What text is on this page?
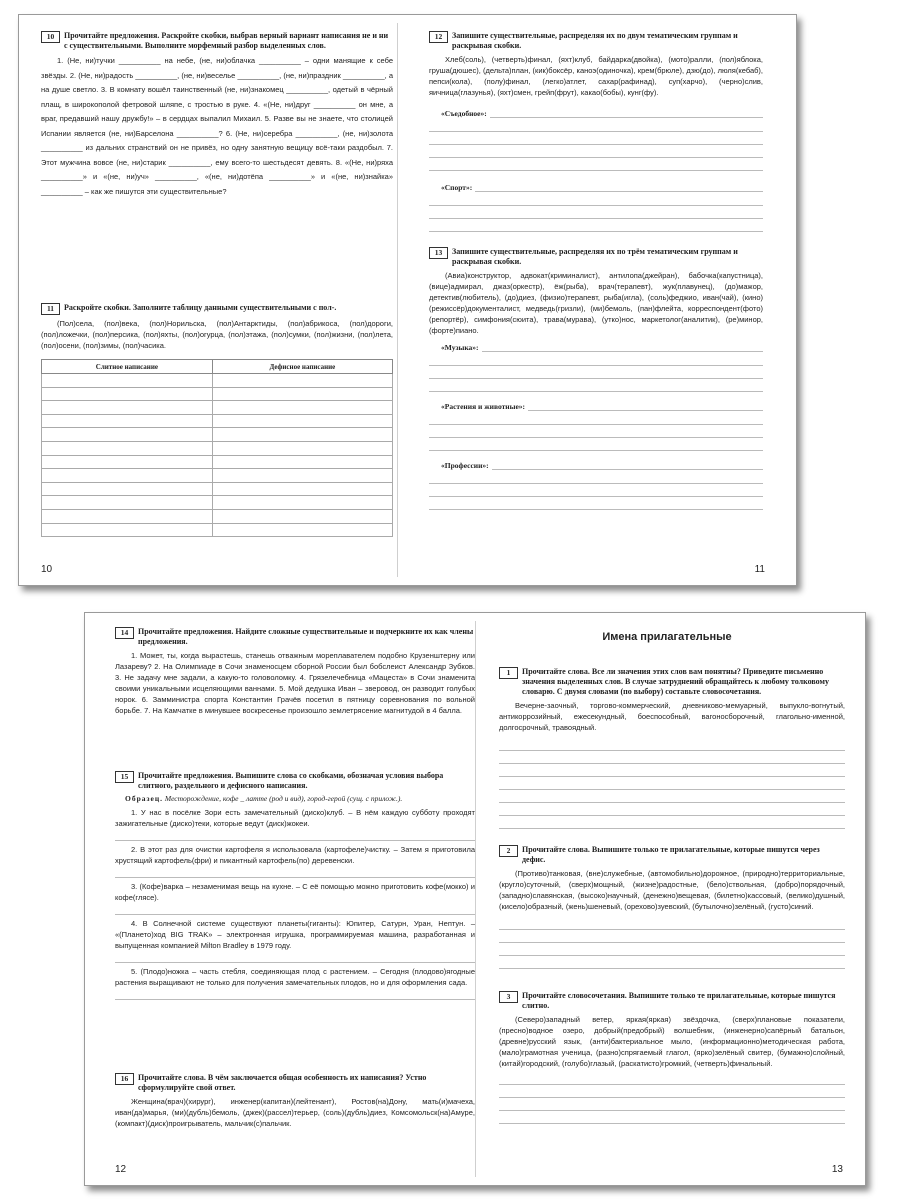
10	Прочитайте предложения. Раскройте скобки, выбрав верный вариант написания не и ни с существительными. Выполните морфемный разбор выделенных слов.

1. (Не, ни)тучки __________ на небе, (не, ни)облачка __________ – одни манящие к себе звёзды. 2. (Не, ни)радость __________, (не, ни)веселье __________, (не, ни)праздник __________, а на душе светло. 3. В комнату вошёл таинственный (не, ни)знакомец __________, одетый в чёрный плащ, в широкополой фетровой шляпе, с тростью в руке. 4. «(Не, ни)друг __________ он мне, а враг, предавший нашу дружбу!» – в сердцах выпалил Михаил. 5. Разве вы не знаете, что столицей Испании является (не, ни)Барселона __________? 6. (Не, ни)серебра __________, (не, ни)золота __________ из дальних странствий он не привёз, но одну занятную вещицу всё-таки раздобыл. 7. Этот мужчина вовсе (не, ни)старик __________, ему всего-то шестьдесят девять. 8. «(Не, ни)ряха __________» и «(не, ни)уч» __________, «(не, ни)дотёпа __________» и «(не, ни)знайка» __________ – как же пишутся эти существительные?

11	Раскройте скобки. Заполните таблицу данными существительными с пол-.

(Пол)села, (пол)века, (пол)Норильска, (пол)Антарктиды, (пол)абрикоса, (пол)дороги, (пол)ложечки, (пол)персика, (пол)яхты, (пол)огурца, (пол)этажа, (пол)сумки, (пол)жизни, (пол)лета, (пол)осени, (пол)зимы, (пол)часика.

Слитное написание	Дефисное написание

10
12	Запишите существительные, распределяя их по двум тематическим группам и раскрывая скобки.

Хлеб(соль), (четверть)финал, (яхт)клуб, байдарка(двойка), (мото)ралли, (пол)яблока, груша(дюшес), (дельта)план, (кик)боксёр, каноэ(одиночка), крем(брюле), дзю(до), люля(кебаб), пепси(кола), (полу)финал, (легко)атлет, сахар(рафинад), суп(харчо), (черно)слив, яичница(глазунья), (яхт)смен, грейп(фрут), какао(бобы), кунг(фу).

«Съедобное»:
«Спорт»:
13	Запишите существительные, распределяя их по трём тематическим группам и раскрывая скобки.

(Авиа)конструктор, адвокат(криминалист), антилопа(джейран), бабочка(капустница), (вице)адмирал, джаз(оркестр), ёж(рыба), врач(терапевт), жук(плавунец), (до)мажор, детектив(любитель), (до)диез, (физио)терапевт, рыба(игла), (соль)феджио, иван(чай), (кино)(режиссёр)документалист, медведь(гризли), (ми)бемоль, (пан)флейта, корреспондент(фото)(репортёр), симфония(сюита), трава(мурава), (утко)нос, маркетолог(аналитик), (ре)минор, (форте)пиано.

«Музыка»:
«Растения и животные»:
«Профессии»:
11
14	Прочитайте предложения. Найдите сложные существительные и подчеркните их как члены предложения.

1. Может, ты, когда вырастешь, станешь отважным мореплавателем подобно Крузенштерну или Лазареву? 2. На Олимпиаде в Сочи знаменосцем сборной России был бобслеист Александр Зубков. 3. Не задачу мне задали, а какую-то головоломку. 4. Грязелечебница «Мацеста» в Сочи знаменита своими уникальными исцеляющими ваннами. 5. Мой дедушка Иван – зверовод, он разводит голубых норок. 6. Замминистра спорта Константин Грачёв посетил в пятницу соревнования по вольной борьбе. 7. На Камчатке в минувшее воскресенье произошло землетрясение магнитудой в 4 балла.

15	Прочитайте предложения. Выпишите слова со скобками, обозначая условия выбора слитного, раздельного и дефисного написания.

Образец. Месторождение, кофе _ латте (род и вид), город-герой (сущ. с прилож.).

1. У нас в посёлке Зори есть замечательный (диско)клуб. – В нём каждую субботу проходят зажигательные (диско)теки, которые ведут (диск)жокеи.

2. В этот раз для очистки картофеля я использовала (картофеле)чистку. – Затем я приготовила хрустящий картофель(фри) и пикантный картофель(по) деревенски.

3. (Кофе)варка – незаменимая вещь на кухне. – С её помощью можно приготовить кофе(мокко) и кофе(глясе).

4. В Солнечной системе существуют планеты(гиганты): Юпитер, Сатурн, Уран, Нептун. – «(Плането)ход BIG TRAK» – электронная игрушка, программируемая машина, разработанная и выпущенная компанией Milton Bradley в 1979 году.

5. (Плодо)ножка – часть стебля, соединяющая плод с растением. – Сегодня (плодово)ягодные растения выращивают не только для получения замечательных плодов, но и для оформления сада.

16	Прочитайте слова. В чём заключается общая особенность их написания? Устно сформулируйте свой ответ.

Женщина(врач)(хирург), инженер(капитан)(лейтенант), Ростов(на)Дону, мать(и)мачеха, иван(да)марья, (ми)(дубль)бемоль, (джек)(рассел)терьер, (соль)(дубль)диез, Комсомольск(на)Амуре, (компакт)(диск)проигрыватель, мальчик(с)пальчик.

12
Имена прилагательные
1	Прочитайте слова. Все ли значения этих слов вам понятны? Приведите письменно значения выделенных слов. В случае затруднений обращайтесь к любому толковому словарю. С двумя словами (по выбору) составьте словосочетания.

Вечерне-заочный, торгово-коммерческий, дневниково-мемуарный, выпукло-вогнутый, антикоррозийный, ежесекундный, боеспособный, вагоносборочный, глагольно-именной, долгосрочный, травоядный.

2	Прочитайте слова. Выпишите только те прилагательные, которые пишутся через дефис.

(Противо)танковая, (вне)служебные, (автомобильно)дорожное, (природно)территориальные, (кругло)суточный, (сверх)мощный, (жизне)радостные, (бело)ствольная, (добро)порядочный, (западно)славянская, (высоко)научный, (денежно)вещевая, (билетно)кассовый, (велико)душный, (кисело)образный, (жень)шеневый, (орехово)зуевский, (бутылочно)зелёный, (густо)синий.

3	Прочитайте словосочетания. Выпишите только те прилагательные, которые пишутся слитно.

(Северо)западный ветер, яркая(яркая) звёздочка, (сверх)плановые показатели, (пресно)водное озеро, добрый(предобрый) волшебник, (инженерно)сапёрный батальон, (древне)русский язык, (анти)бактериальное мыло, (информационно)методическая работа, (мало)грамотная ученица, (разно)спрягаемый глагол, (ярко)зелёный свитер, (бумажно)слойный, (китай)городский, (голубо)глазый, (раскатисто)громкий, (четверть)финальный.

13
